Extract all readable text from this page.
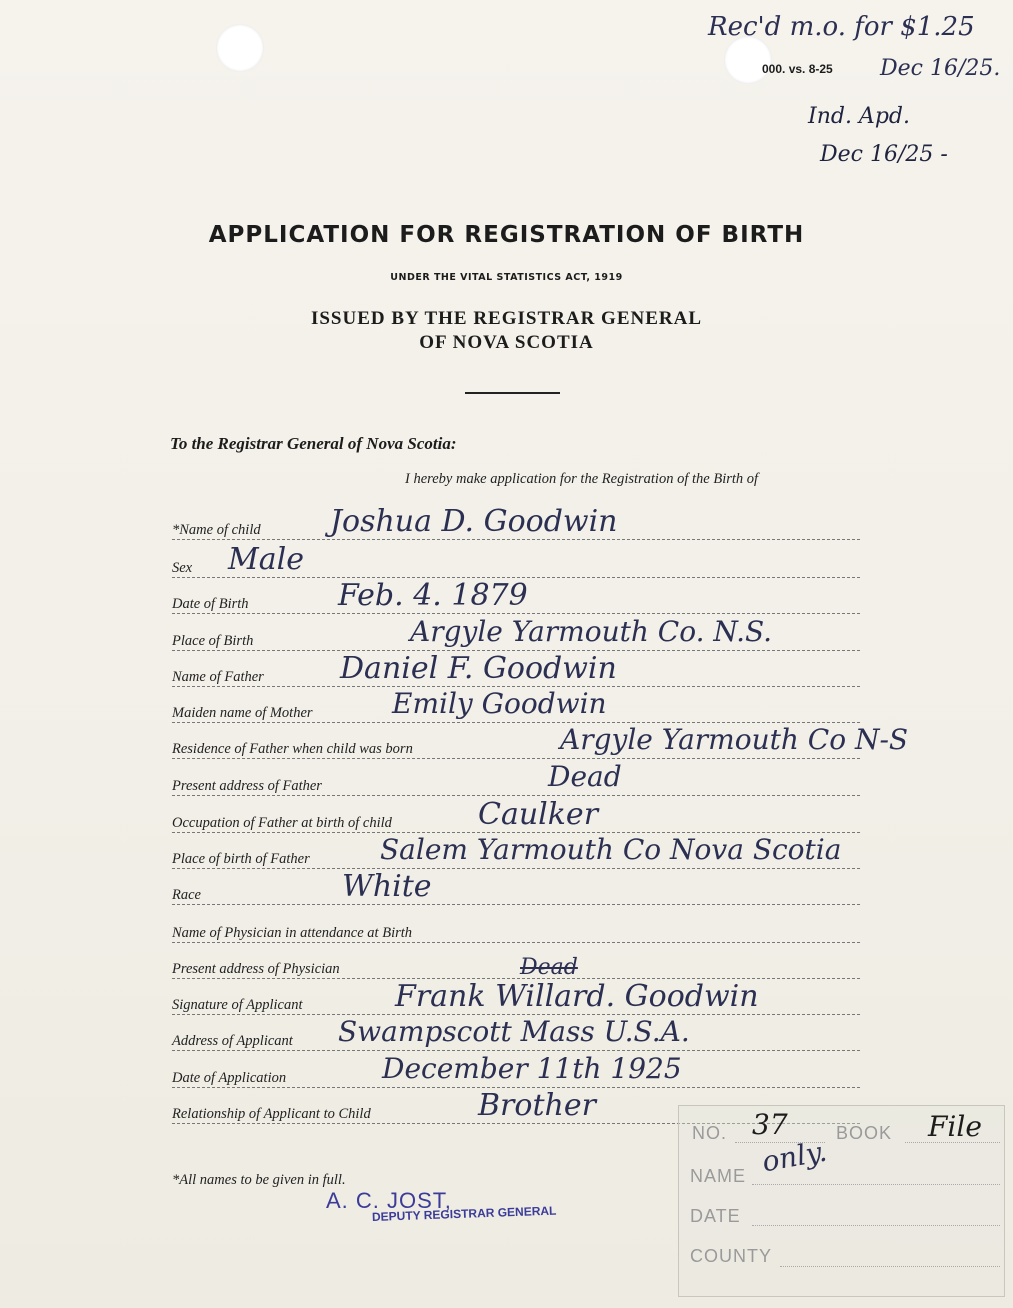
Rec'd m.o. for $1.25
000. vs. 8-25 Dec 16/25.
Ind. Apd.
Dec 16/25 -
APPLICATION FOR REGISTRATION OF BIRTH
UNDER THE VITAL STATISTICS ACT, 1919
ISSUED BY THE REGISTRAR GENERAL
OF NOVA SCOTIA
To the Registrar General of Nova Scotia:
I hereby make application for the Registration of the Birth of
*Name of child Joshua D. Goodwin
Sex Male
Date of Birth	Feb. 4. 1879
Place of Birth	Argyle Yarmouth Co. N.S.
Name of Father	Daniel F. Goodwin
Maiden name of Mother	Emily Goodwin
Residence of Father when child was born	Argyle Yarmouth Co N-S
Present address of Father	Dead
Occupation of Father at birth of child	Caulker
Place of birth of Father	Salem Yarmouth Co Nova Scotia
Race	White
Name of Physician in attendance at Birth
Present address of Physician	Dead
Signature of Applicant	Frank Willard. Goodwin
Address of Applicant Swampscott Mass U.S.A.
Date of Application	December 11th 1925
Relationship of Applicant to Child	Brother
*All names to be given in full.
A. C. JOST,
DEPUTY REGISTRAR GENERAL
NO. 37	BOOK File
NAME only.
DATE
COUNTY
